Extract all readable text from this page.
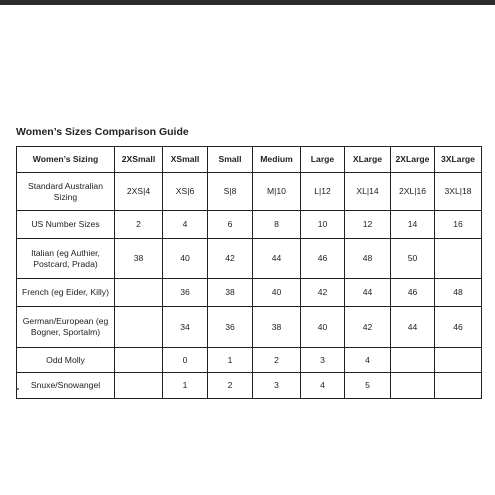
Women’s Sizes Comparison Guide
Women’s Sizing	2XSmall	XSmall	Small	Medium	Large	XLarge	2XLarge	3XLarge
Standard Australian Sizing	2XS|4	XS|6	S|8	M|10	L|12	XL|14	2XL|16	3XL|18
US Number Sizes	2	4	6	8	10	12	14	16
Italian (eg Authier, Postcard, Prada)	38	40	42	44	46	48	50	
French (eg Eider, Killy)		36	38	40	42	44	46	48
German/European (eg Bogner, Sportalm)		34	36	38	40	42	44	46
Odd Molly		0	1	2	3	4		
Snuxe/Snowangel		1	2	3	4	5		
